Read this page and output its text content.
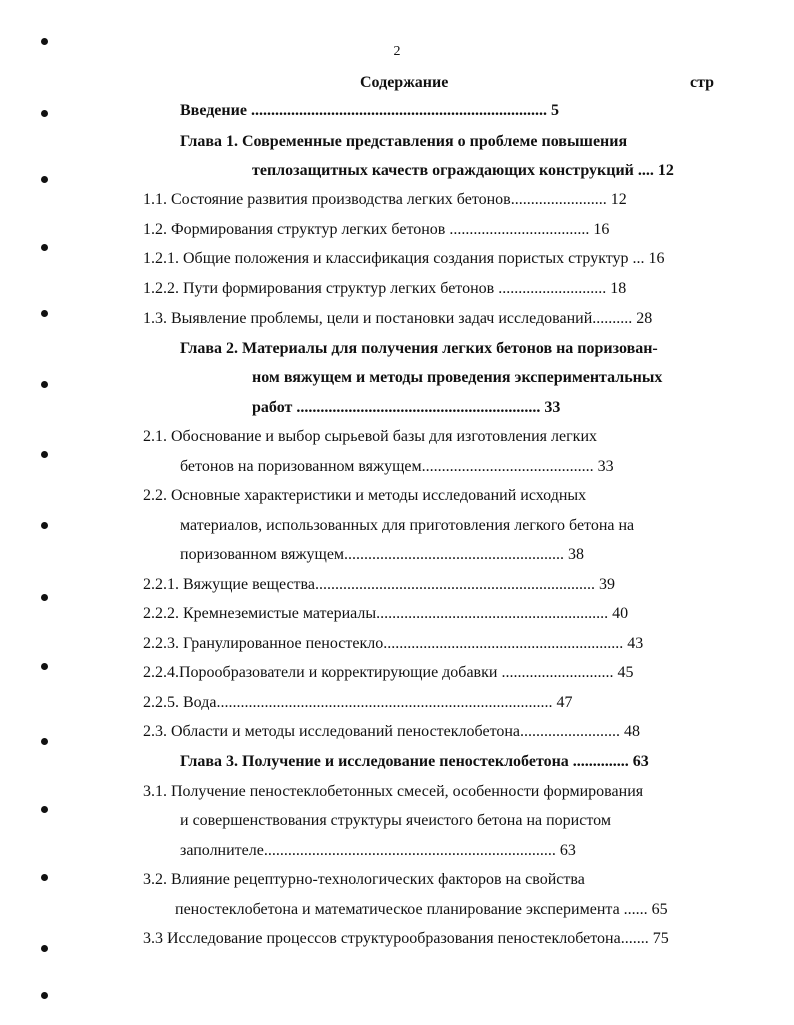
2
Содержание	стр
Введение .......................................................................... 5
Глава 1. Современные представления о проблеме повышения
теплозащитных качеств ограждающих конструкций .... 12
1.1. Состояние развития производства легких бетонов........................ 12
1.2. Формирования структур легких бетонов ................................... 16
1.2.1. Общие положения и классификация создания пористых структур ... 16
1.2.2. Пути формирования структур легких бетонов ........................... 18
1.3. Выявление проблемы, цели и постановки задач исследований.......... 28
Глава 2. Материалы для получения легких бетонов на поризован-
ном вяжущем и методы проведения экспериментальных
работ ............................................................. 33
2.1. Обоснование и выбор сырьевой базы для изготовления легких
бетонов на поризованном вяжущем........................................... 33
2.2. Основные характеристики и методы исследований исходных
материалов, использованных для приготовления легкого бетона на
поризованном вяжущем....................................................... 38
2.2.1. Вяжущие вещества...................................................................... 39
2.2.2. Кремнеземистые материалы.......................................................... 40
2.2.3. Гранулированное пеностекло............................................................ 43
2.2.4.Порообразователи и корректирующие добавки ............................ 45
2.2.5. Вода.................................................................................... 47
2.3. Области и методы исследований пеностеклобетона......................... 48
Глава 3. Получение и исследование пеностеклобетона .............. 63
3.1. Получение пеностеклобетонных смесей, особенности формирования
и совершенствования структуры ячеистого бетона на пористом
заполнителе......................................................................... 63
3.2. Влияние рецептурно-технологических факторов на свойства
пеностеклобетона и математическое планирование эксперимента ...... 65
3.3 Исследование процессов структурообразования пеностеклобетона....... 75
